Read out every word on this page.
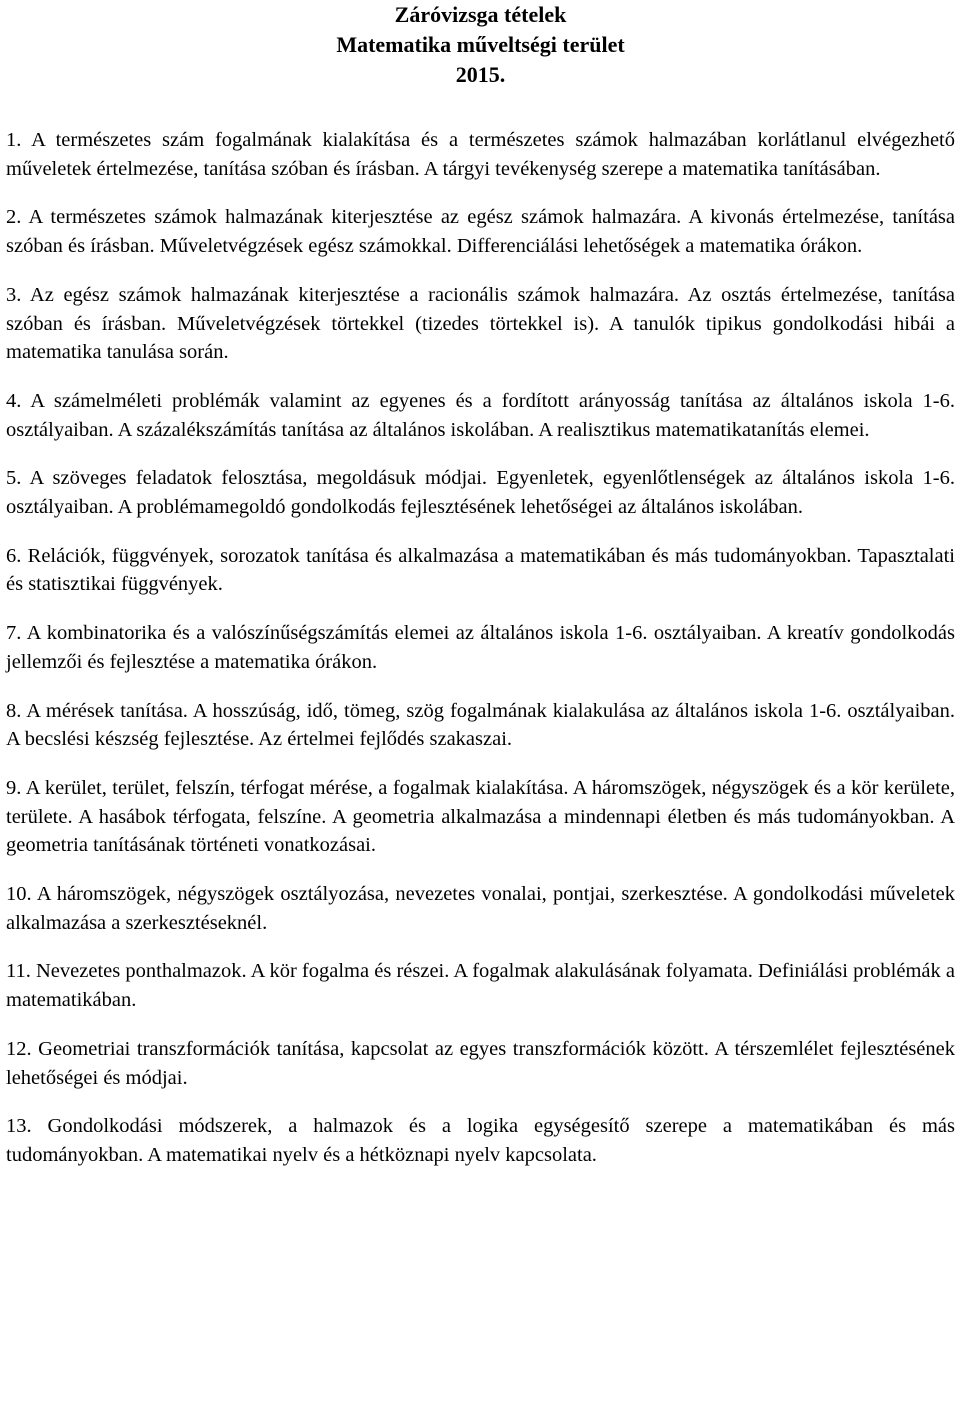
Záróvizsga tételek
Matematika műveltségi terület
2015.

1. A természetes szám fogalmának kialakítása és a természetes számok halmazában korlátlanul elvégezhető műveletek értelmezése, tanítása szóban és írásban. A tárgyi tevékenység szerepe a matematika tanításában.

2. A természetes számok halmazának kiterjesztése az egész számok halmazára. A kivonás értelmezése, tanítása szóban és írásban. Műveletvégzések egész számokkal. Differenciálási lehetőségek a matematika órákon.

3. Az egész számok halmazának kiterjesztése a racionális számok halmazára. Az osztás értelmezése, tanítása szóban és írásban. Műveletvégzések törtekkel (tizedes törtekkel is). A tanulók tipikus gondolkodási hibái a matematika tanulása során.

4. A számelméleti problémák valamint az egyenes és a fordított arányosság tanítása az általános iskola 1-6. osztályaiban. A százalékszámítás tanítása az általános iskolában. A realisztikus matematikatanítás elemei.

5. A szöveges feladatok felosztása, megoldásuk módjai. Egyenletek, egyenlőtlenségek az általános iskola 1-6. osztályaiban. A problémamegoldó gondolkodás fejlesztésének lehetőségei az általános iskolában.

6. Relációk, függvények, sorozatok tanítása és alkalmazása a matematikában és más tudományokban. Tapasztalati és statisztikai függvények.

7. A kombinatorika és a valószínűségszámítás elemei az általános iskola 1-6. osztályaiban. A kreatív gondolkodás jellemzői és fejlesztése a matematika órákon.

8. A mérések tanítása. A hosszúság, idő, tömeg, szög fogalmának kialakulása az általános iskola 1-6. osztályaiban. A becslési készség fejlesztése. Az értelmei fejlődés szakaszai.

9. A kerület, terület, felszín, térfogat mérése, a fogalmak kialakítása. A háromszögek, négyszögek és a kör kerülete, területe. A hasábok térfogata, felszíne. A geometria alkalmazása a mindennapi életben és más tudományokban. A geometria tanításának történeti vonatkozásai.

10. A háromszögek, négyszögek osztályozása, nevezetes vonalai, pontjai, szerkesztése. A gondolkodási műveletek alkalmazása a szerkesztéseknél.

11. Nevezetes ponthalmazok. A kör fogalma és részei. A fogalmak alakulásának folyamata. Definiálási problémák a matematikában.

12. Geometriai transzformációk tanítása, kapcsolat az egyes transzformációk között. A térszemlélet fejlesztésének lehetőségei és módjai.

13. Gondolkodási módszerek, a halmazok és a logika egységesítő szerepe a matematikában és más tudományokban. A matematikai nyelv és a hétköznapi nyelv kapcsolata.
